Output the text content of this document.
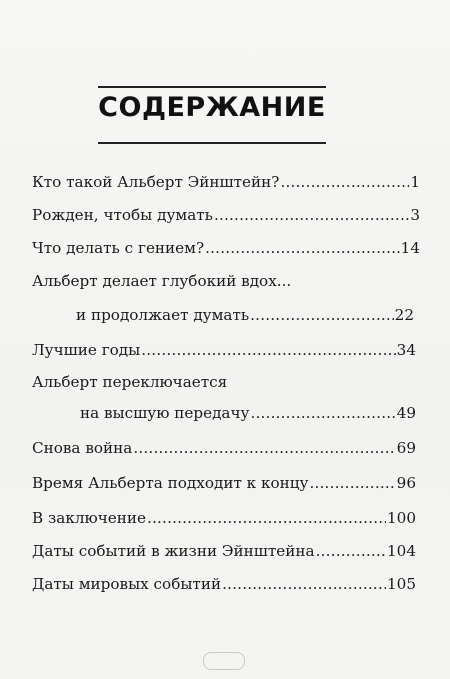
СОДЕРЖАНИЕ
Кто такой Альберт Эйнштейн? .....	1
Рожден, чтобы думать .....	3
Что делать с гением? .....	14
Альберт делает глубокий вдох...
и продолжает думать .....	22
Лучшие годы .....	34
Альберт переключается
на высшую передачу .....	49
Снова война .....	69
Время Альберта подходит к концу .....	96
В заключение .....	100
Даты событий в жизни Эйнштейна .....	104
Даты мировых событий .....	105
